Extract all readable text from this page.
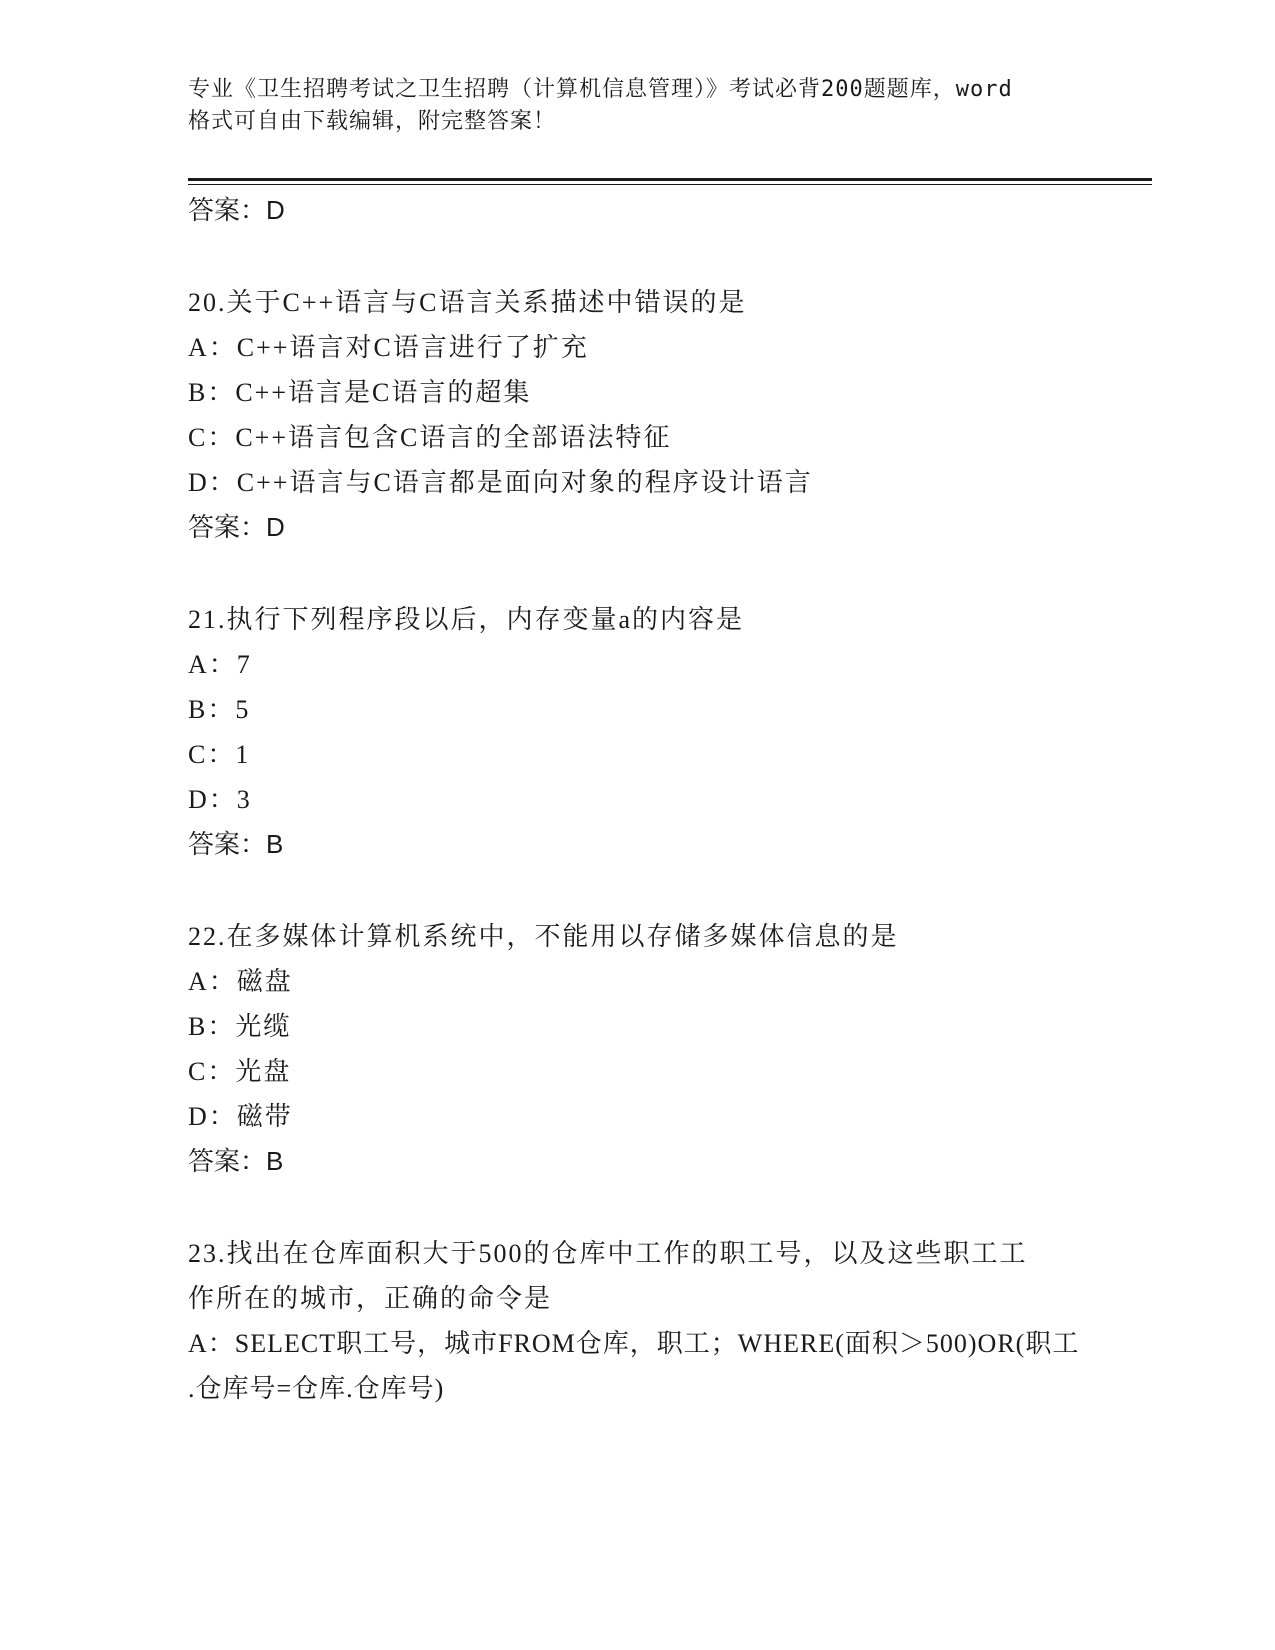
专业《卫生招聘考试之卫生招聘（计算机信息管理）》考试必背200题题库，word
格式可自由下载编辑，附完整答案！
答案：D
20.关于C++语言与C语言关系描述中错误的是
A：C++语言对C语言进行了扩充
B：C++语言是C语言的超集
C：C++语言包含C语言的全部语法特征
D：C++语言与C语言都是面向对象的程序设计语言
答案：D
21.执行下列程序段以后，内存变量a的内容是
A：7
B：5
C：1
D：3
答案：B
22.在多媒体计算机系统中，不能用以存储多媒体信息的是
A：磁盘
B：光缆
C：光盘
D：磁带
答案：B
23.找出在仓库面积大于500的仓库中工作的职工号，以及这些职工工
作所在的城市，正确的命令是
A：SELECT职工号，城市FROM仓库，职工；WHERE(面积＞500)OR(职工
.仓库号=仓库.仓库号)
